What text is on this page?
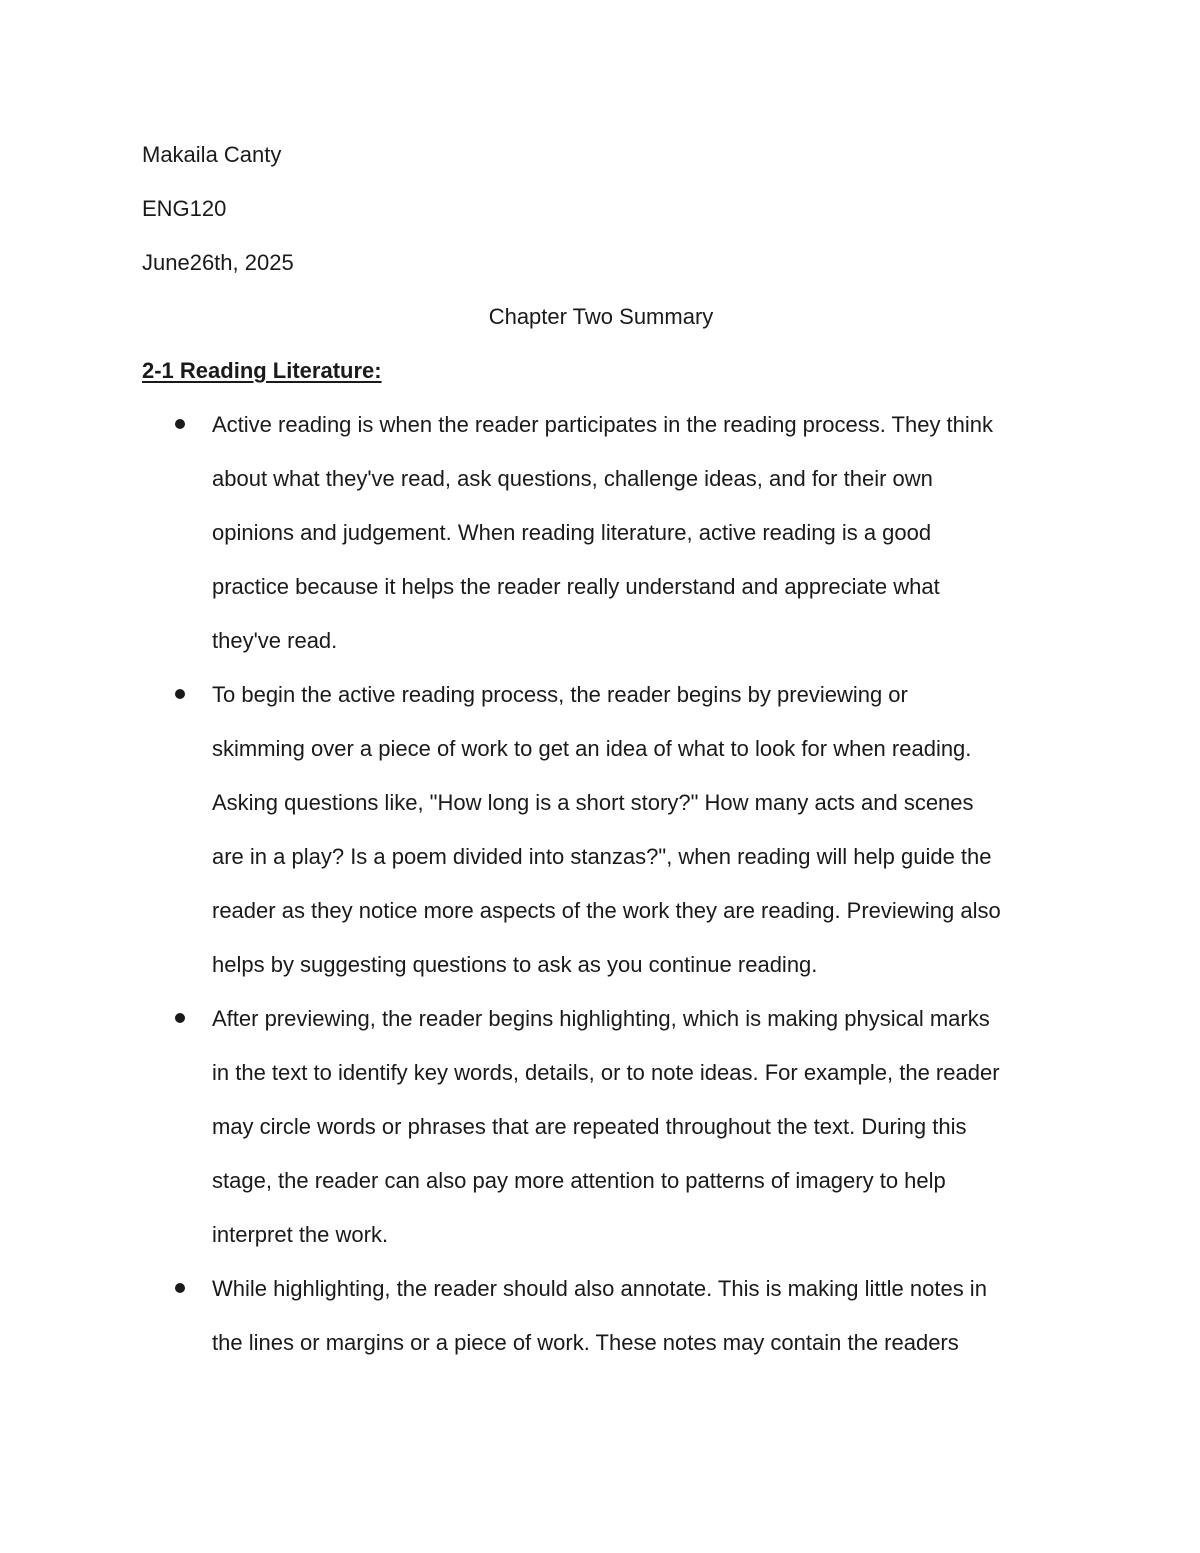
Makaila Canty

ENG120

June26th, 2025

Chapter Two Summary

2-1 Reading Literature:

Active reading is when the reader participates in the reading process. They think
about what they've read, ask questions, challenge ideas, and for their own
opinions and judgement. When reading literature, active reading is a good
practice because it helps the reader really understand and appreciate what
they've read.
To begin the active reading process, the reader begins by previewing or
skimming over a piece of work to get an idea of what to look for when reading.
Asking questions like, "How long is a short story?" How many acts and scenes
are in a play? Is a poem divided into stanzas?", when reading will help guide the
reader as they notice more aspects of the work they are reading. Previewing also
helps by suggesting questions to ask as you continue reading.
After previewing, the reader begins highlighting, which is making physical marks
in the text to identify key words, details, or to note ideas. For example, the reader
may circle words or phrases that are repeated throughout the text. During this
stage, the reader can also pay more attention to patterns of imagery to help
interpret the work.
While highlighting, the reader should also annotate. This is making little notes in
the lines or margins or a piece of work. These notes may contain the readers
